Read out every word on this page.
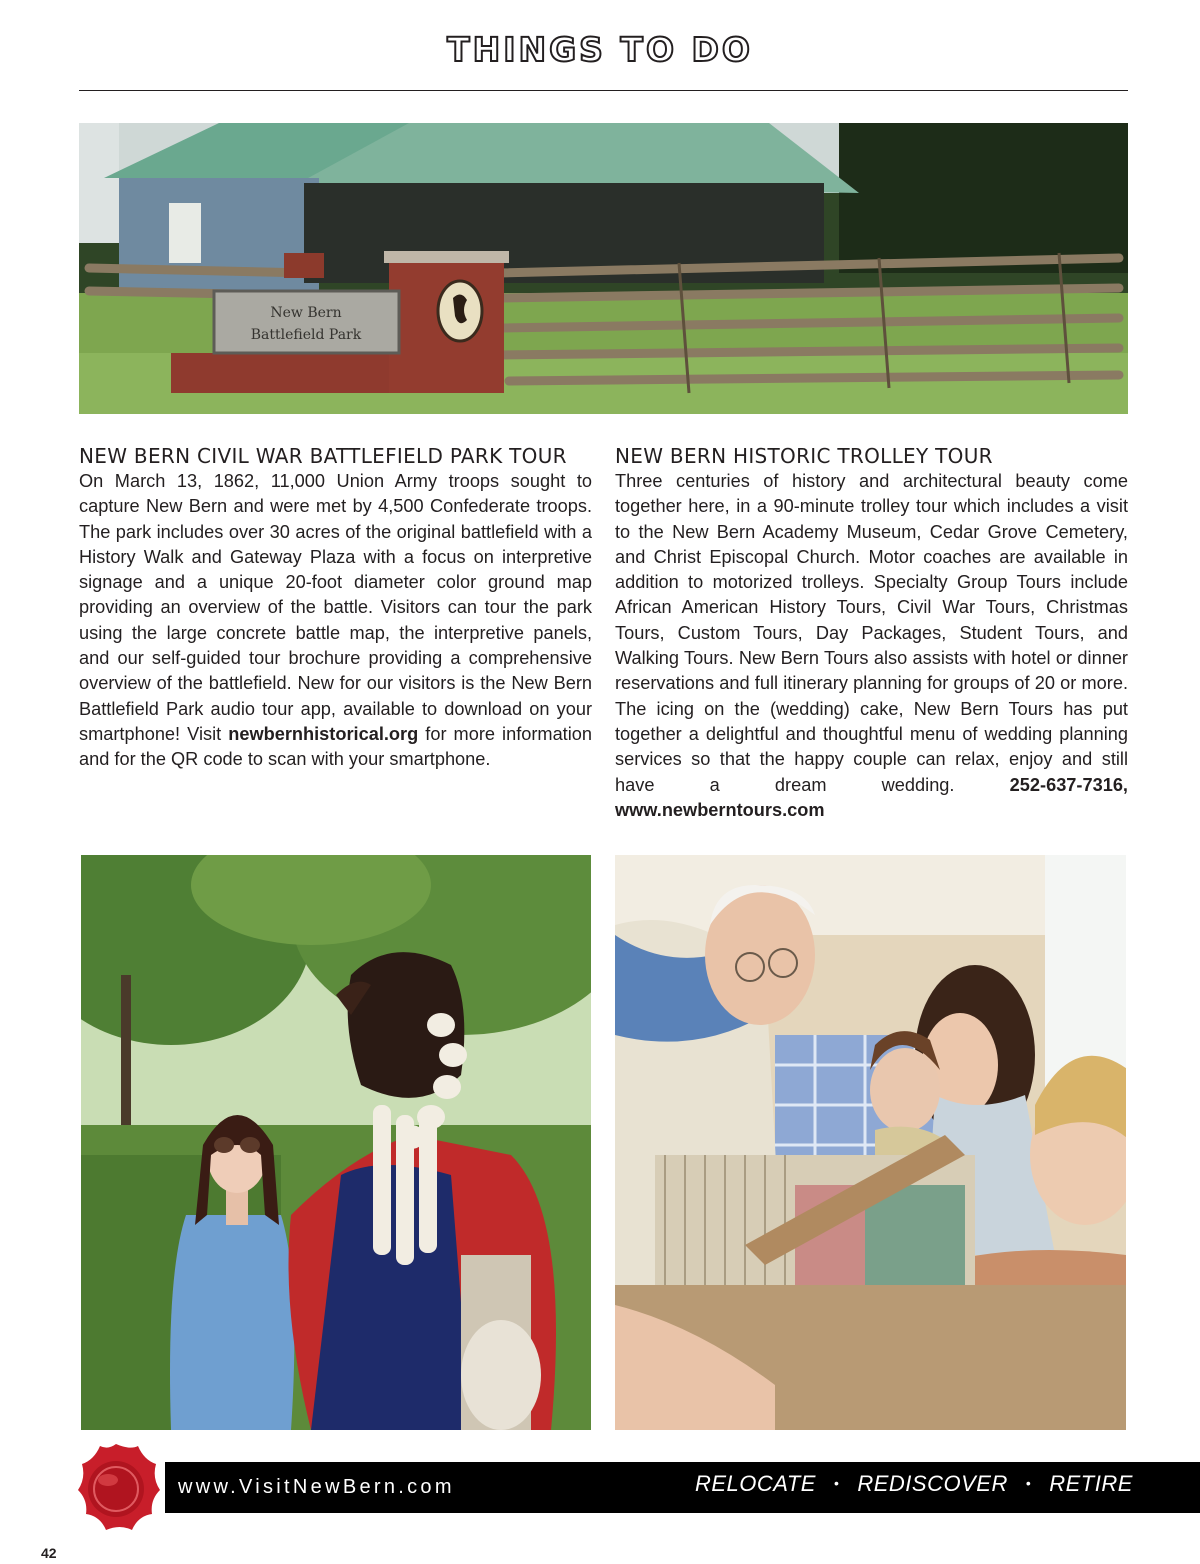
THINGS TO DO
New Bern
Battlefield Park
NEW BERN CIVIL WAR BATTLEFIELD PARK TOUR

On March 13, 1862, 11,000 Union Army troops sought to capture New Bern and were met by 4,500 Confederate troops. The park includes over 30 acres of the original battlefield with a History Walk and Gateway Plaza with a focus on interpretive signage and a unique 20-foot diameter color ground map providing an overview of the battle. Visitors can tour the park using the large concrete battle map, the interpretive panels, and our self-guided tour brochure providing a comprehensive overview of the battlefield. New for our visitors is the New Bern Battlefield Park audio tour app, available to download on your smartphone! Visit newbernhistorical.org for more information and for the QR code to scan with your smartphone.

NEW BERN HISTORIC TROLLEY TOUR

Three centuries of history and architectural beauty come together here, in a 90-minute trolley tour which includes a visit to the New Bern Academy Museum, Cedar Grove Cemetery, and Christ Episcopal Church. Motor coaches are available in addition to motorized trolleys. Specialty Group Tours include African American History Tours, Civil War Tours, Christmas Tours, Custom Tours, Day Packages, Student Tours, and Walking Tours. New Bern Tours also assists with hotel or dinner reservations and full itinerary planning for groups of 20 or more. The icing on the (wedding) cake, New Bern Tours has put together a delightful and thoughtful menu of wedding planning services so that the happy couple can relax, enjoy and still have a dream wedding. 252-637-7316, www.newberntours.com

www.VisitNewBern.com	RELOCATE • REDISCOVER • RETIRE
42
